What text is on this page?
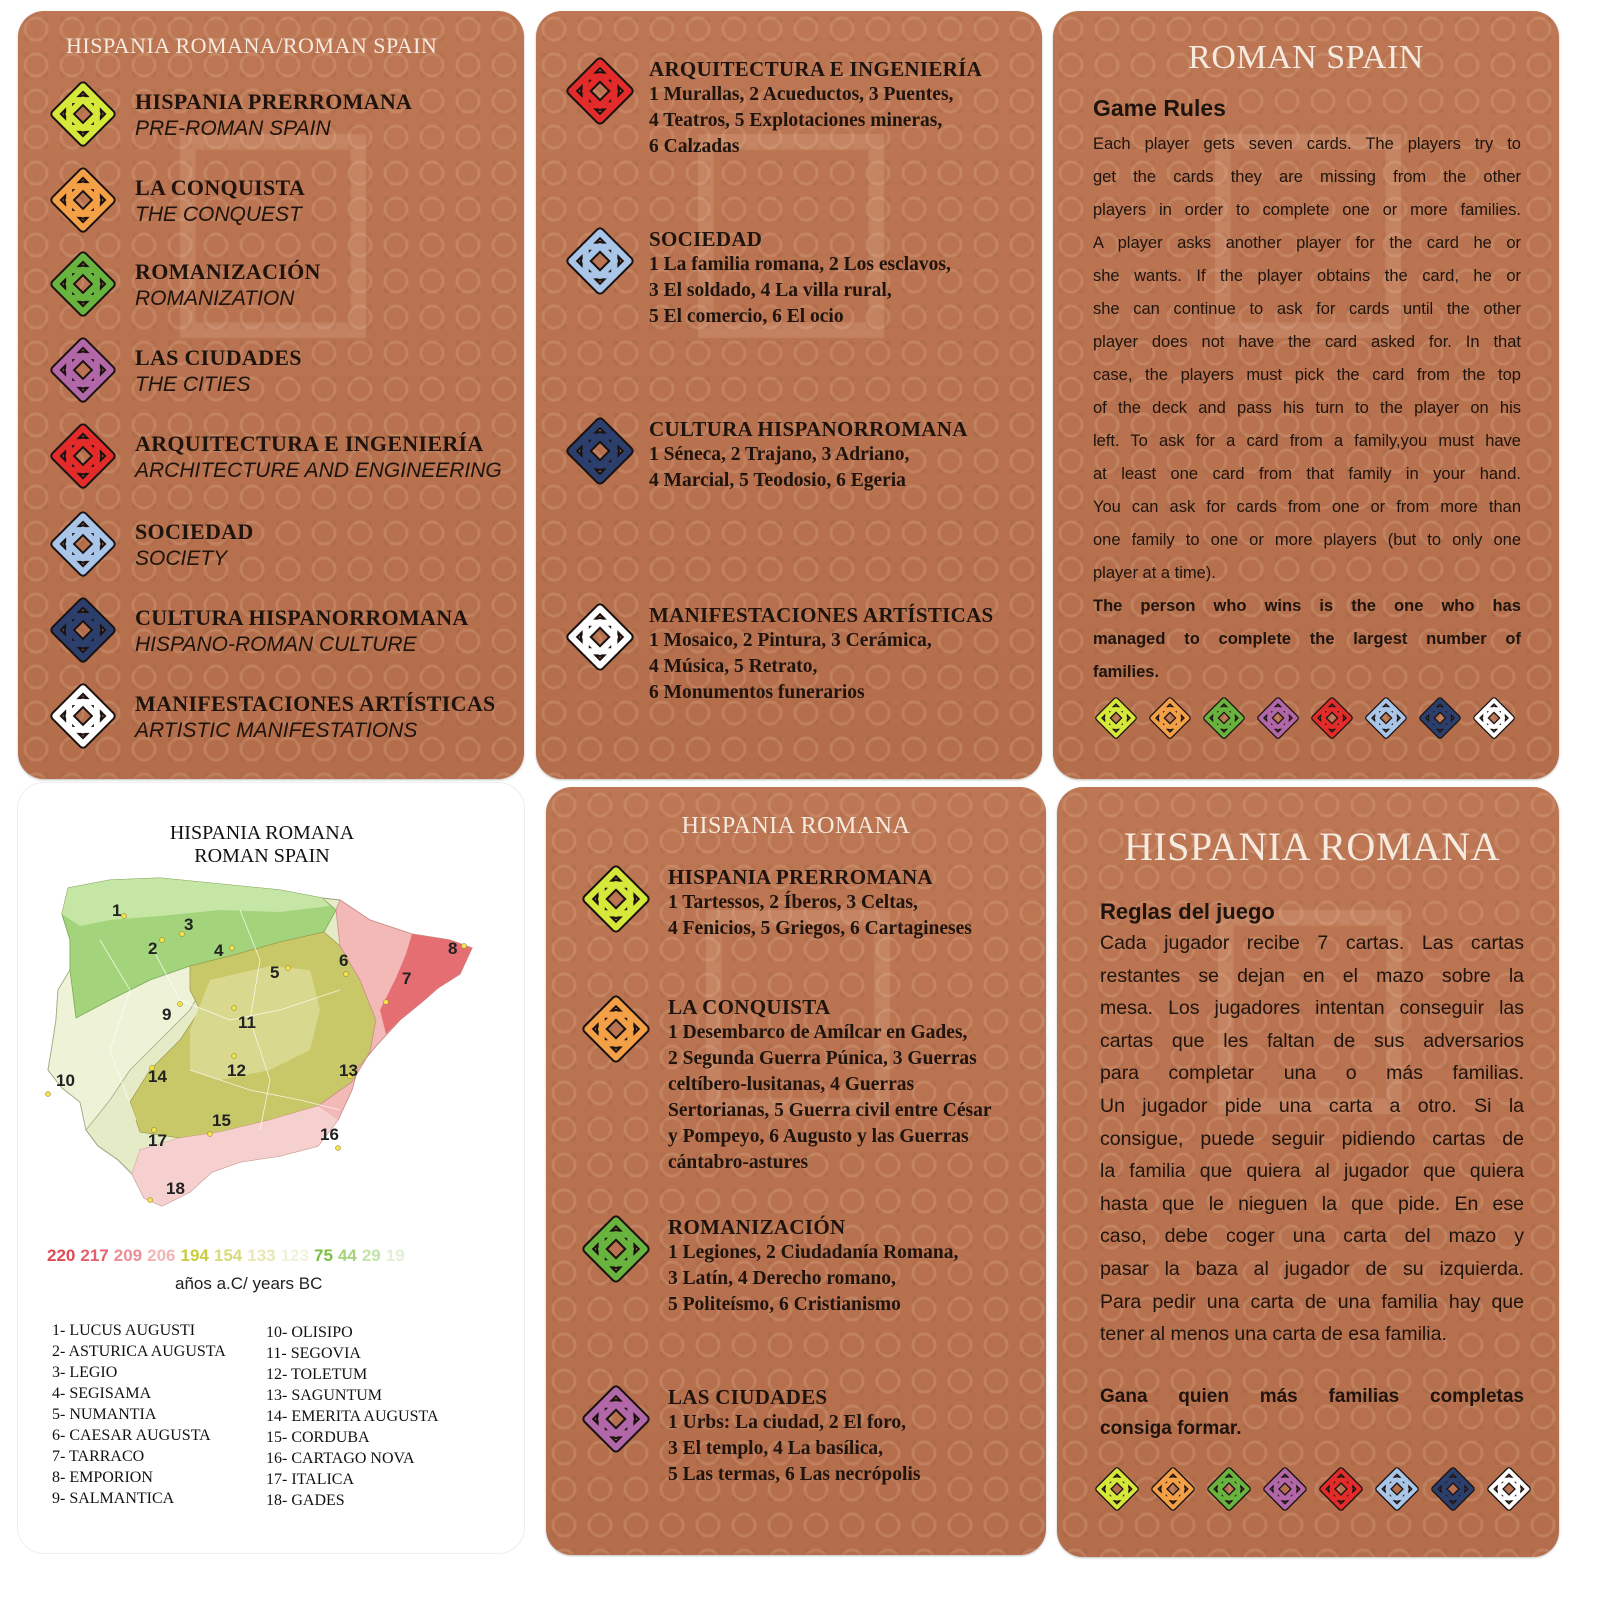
HISPANIA ROMANA/ROMAN SPAIN
HISPANIA PRERROMANA
PRE-ROMAN SPAIN
LA CONQUISTA
THE CONQUEST
ROMANIZACIÓN
ROMANIZATION
LAS CIUDADES
THE CITIES
ARQUITECTURA E INGENIERÍA
ARCHITECTURE AND ENGINEERING
SOCIEDAD
SOCIETY
CULTURA HISPANORROMANA
HISPANO-ROMAN CULTURE
MANIFESTACIONES ARTÍSTICAS
ARTISTIC MANIFESTATIONS
ARQUITECTURA E INGENIERÍA
1 Murallas, 2 Acueductos, 3 Puentes,
4 Teatros, 5 Explotaciones mineras,
6 Calzadas
SOCIEDAD
1 La familia romana, 2 Los esclavos,
3 El soldado, 4 La villa rural,
5 El comercio, 6 El ocio
CULTURA HISPANORROMANA
1 Séneca, 2 Trajano, 3 Adriano,
4 Marcial, 5 Teodosio, 6 Egeria
MANIFESTACIONES ARTÍSTICAS
1 Mosaico, 2 Pintura, 3 Cerámica,
4 Música, 5 Retrato,
6 Monumentos funerarios
ROMAN SPAIN
Game Rules

Each player gets seven cards. The players try to

get the cards they are missing from the other

players in order to complete one or more families.

A player asks another player for the card he or

she wants. If the player obtains the card, he or

she can continue to ask for cards until the other

player does not have the card asked for. In that

case, the players must pick the card from the top

of the deck and pass his turn to the player on his

left. To ask for a card from a family,you must have

at least one card from that family in your hand.

You can ask for cards from one or from more than

one family to one or more players (but to only one

player at a time).

The person who wins is the one who has

managed to complete the largest number of

families.

HISPANIA ROMANA
ROMAN SPAIN
1
2
3
4
5
6
7
8
9
10
11
12	13
14
15
16
17
18
220 217 209 206 194 154 133 123 75 44 29 19
años a.C/ years BC
1- LUCUS AUGUSTI
2- ASTURICA AUGUSTA
3- LEGIO
4- SEGISAMA
5- NUMANTIA
6- CAESAR AUGUSTA
7- TARRACO
8- EMPORION
9- SALMANTICA
10- OLISIPO
11- SEGOVIA
12- TOLETUM
13- SAGUNTUM
14- EMERITA AUGUSTA
15- CORDUBA
16- CARTAGO NOVA
17- ITALICA
18- GADES
HISPANIA ROMANA
HISPANIA PRERROMANA
1 Tartessos, 2 Íberos, 3 Celtas,
4 Fenicios, 5 Griegos, 6 Cartagineses
LA CONQUISTA
1 Desembarco de Amílcar en Gades,
2 Segunda Guerra Púnica, 3 Guerras
celtíbero-lusitanas, 4 Guerras
Sertorianas, 5 Guerra civil entre César
y Pompeyo, 6 Augusto y las Guerras
cántabro-astures
ROMANIZACIÓN
1 Legiones, 2 Ciudadanía Romana,
3 Latín, 4 Derecho romano,
5 Politeísmo, 6 Cristianismo
LAS CIUDADES
1 Urbs: La ciudad, 2 El foro,
3 El templo, 4 La basílica,
5 Las termas, 6 Las necrópolis
HISPANIA ROMANA
Reglas del juego

Cada jugador recibe 7 cartas. Las cartas

restantes se dejan en el mazo sobre la

mesa. Los jugadores intentan conseguir las

cartas que les faltan de sus adversarios

para completar una o más familias.

Un jugador pide una carta a otro. Si la

consigue, puede seguir pidiendo cartas de

la familia que quiera al jugador que quiera

hasta que le nieguen la que pide. En ese

caso, debe coger una carta del mazo y

pasar la baza al jugador de su izquierda.

Para pedir una carta de una familia hay que

tener al menos una carta de esa familia.

Gana quien más familias completas

consiga formar.
